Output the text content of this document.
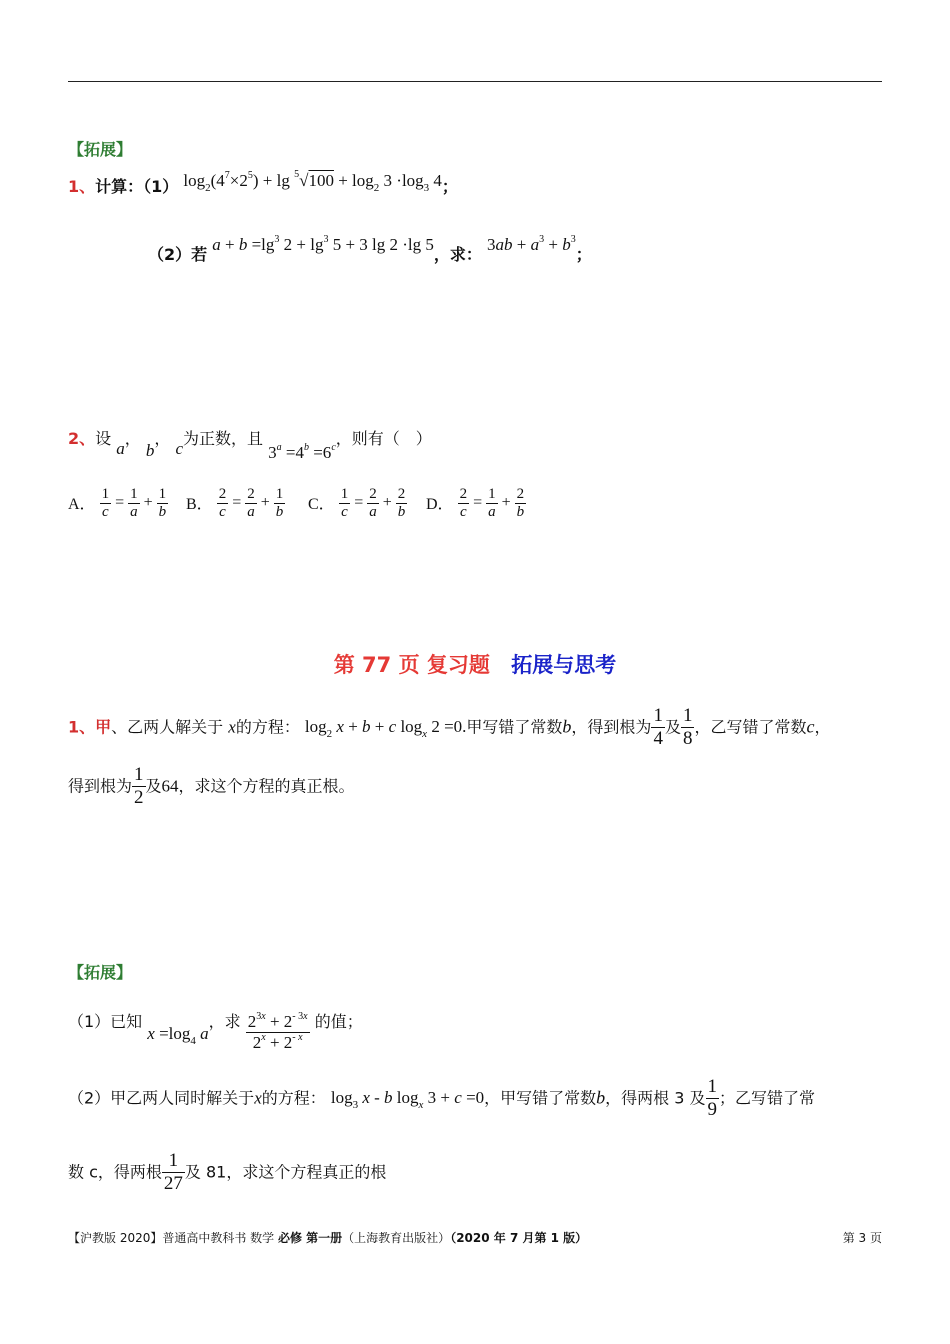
【拓展】
1、计算：（1） $\log_2(4^7\times 2^5) + \lg ^5√100 + \log_2 3 \cdot\log_3$ 4；
（2）若 $a + b =\lg^3$ $2 + \lg^3 5 + 3$ lg 2 ·lg 5，求： $3ab + a^3 + b^3$；
2、设 a， b， c为正数，且 $3^a =4^b =6^c$，则有（　）
A． $\frac{1}{c} = \frac{1}{a} + \frac{1}{b}$ B． $\frac{2}{c} = \frac{2}{a} + \frac{1}{b}$ C． $\frac{1}{c} = \frac{2}{a} + \frac{2}{b}$ D． $\frac{2}{c} = \frac{1}{a} + \frac{2}{b}$
第 77 页 复习题 拓展与思考
1、甲、乙两人解关于 x的方程： $\log_2 x + b + c$ $\log_x 2 =0$.甲写错了常数b，得到根为 $\frac{1}{4}$ 及 $\frac{1}{8}$ ，乙写错了常数c，
得到根为 $\frac{1}{2}$ 及64，求这个方程的真正根。
【拓展】
（1）已知 $x =\log_4$ a，求 $\frac{2^{3x} + 2^{- 3x}}{2^x + 2^{- x}}$ 的值；
（2）甲乙两人同时解关于x的方程： $\log_3 x$ - b $\log_x 3 + c =0$，甲写错了常数b，得两根 3 及 $\frac{1}{9}$ ；乙写错了常
数 c，得两根 $\frac{1}{27}$ 及 81，求这个方程真正的根
【沪教版 2020】普通高中教科书 数学 必修 第一册（上海教育出版社）（2020 年 7 月第 1 版）	第 3 页
